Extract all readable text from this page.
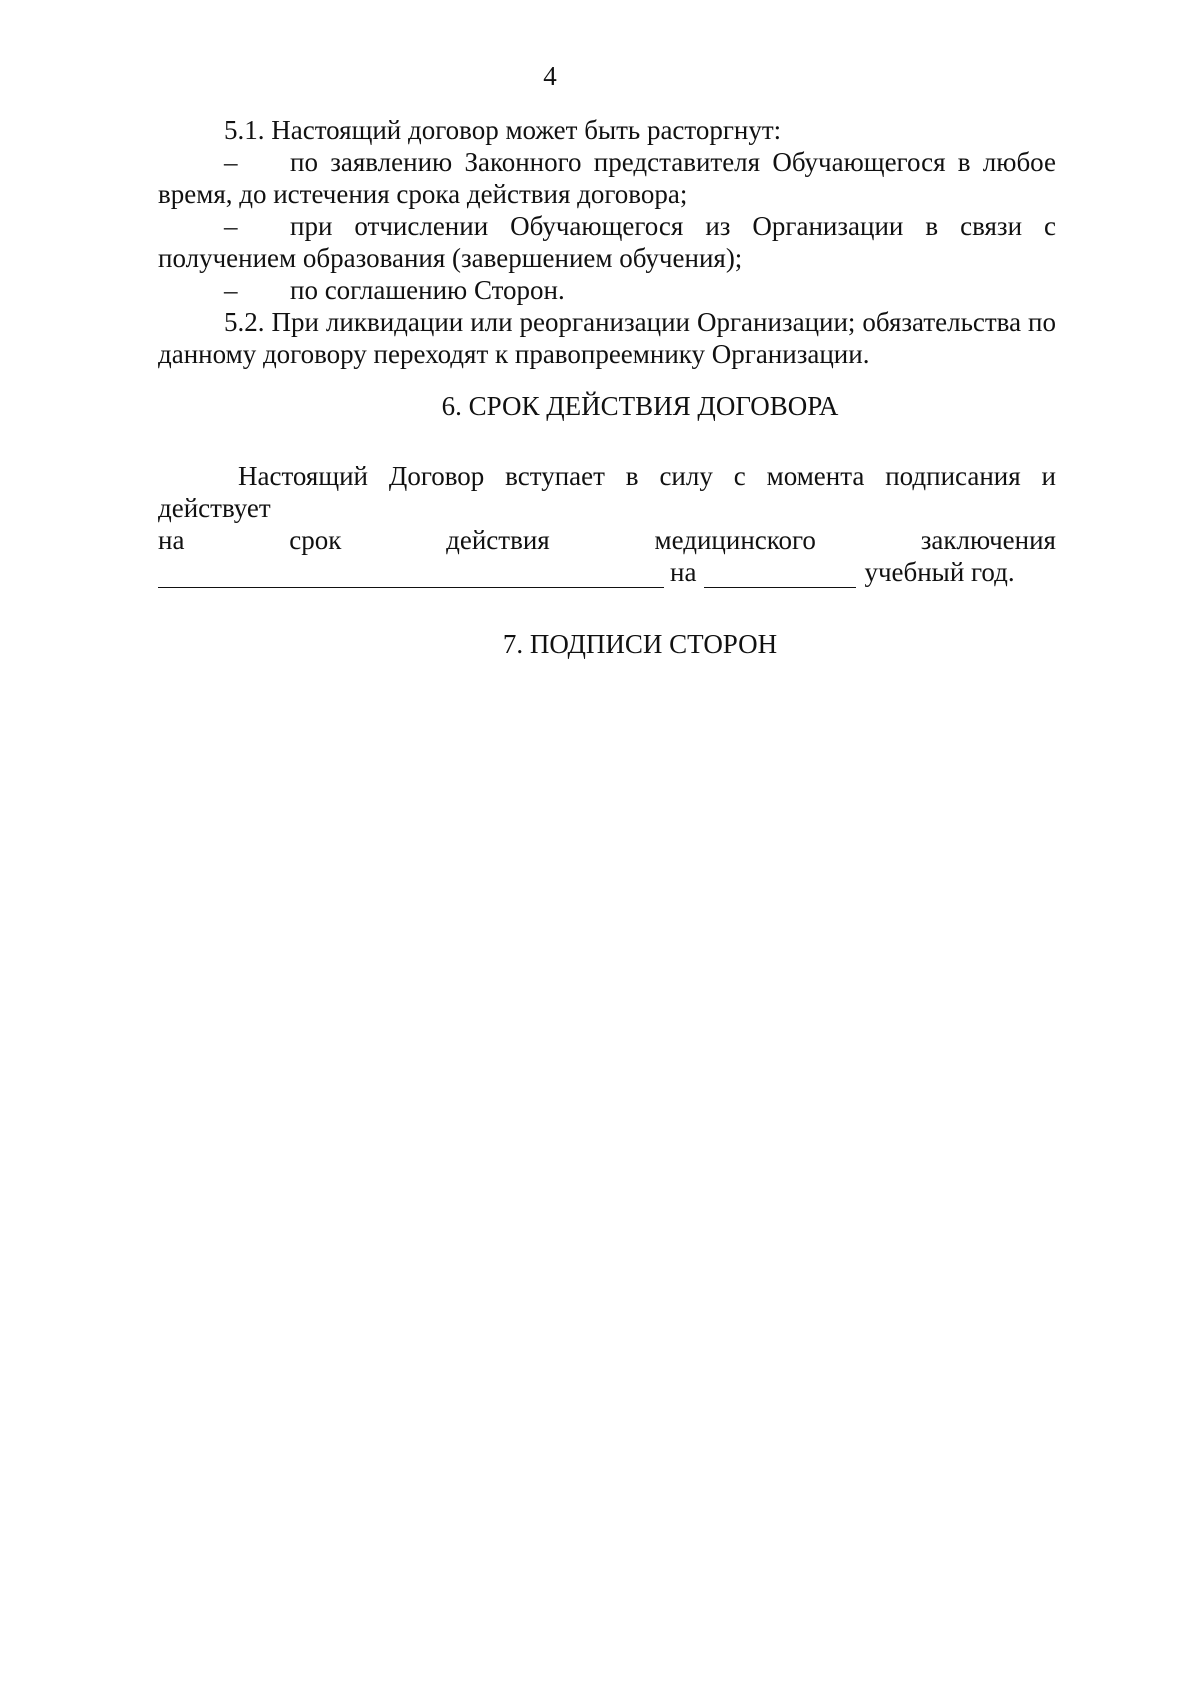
4

5.1. Настоящий договор может быть расторгнут:

– по заявлению Законного представителя Обучающегося в любое время, до истечения срока действия договора;

– при отчислении Обучающегося из Организации в связи с получением образования (завершением обучения);

– по соглашению Сторон.

5.2. При ликвидации или реорганизации Организации; обязательства по данному договору переходят к правопреемнику Организации.

6. СРОК ДЕЙСТВИЯ ДОГОВОРА

Настоящий Договор вступает в силу с момента подписания и действует

на	срок	действия	медицинского	заключения

на	учебный год.

7. ПОДПИСИ СТОРОН
